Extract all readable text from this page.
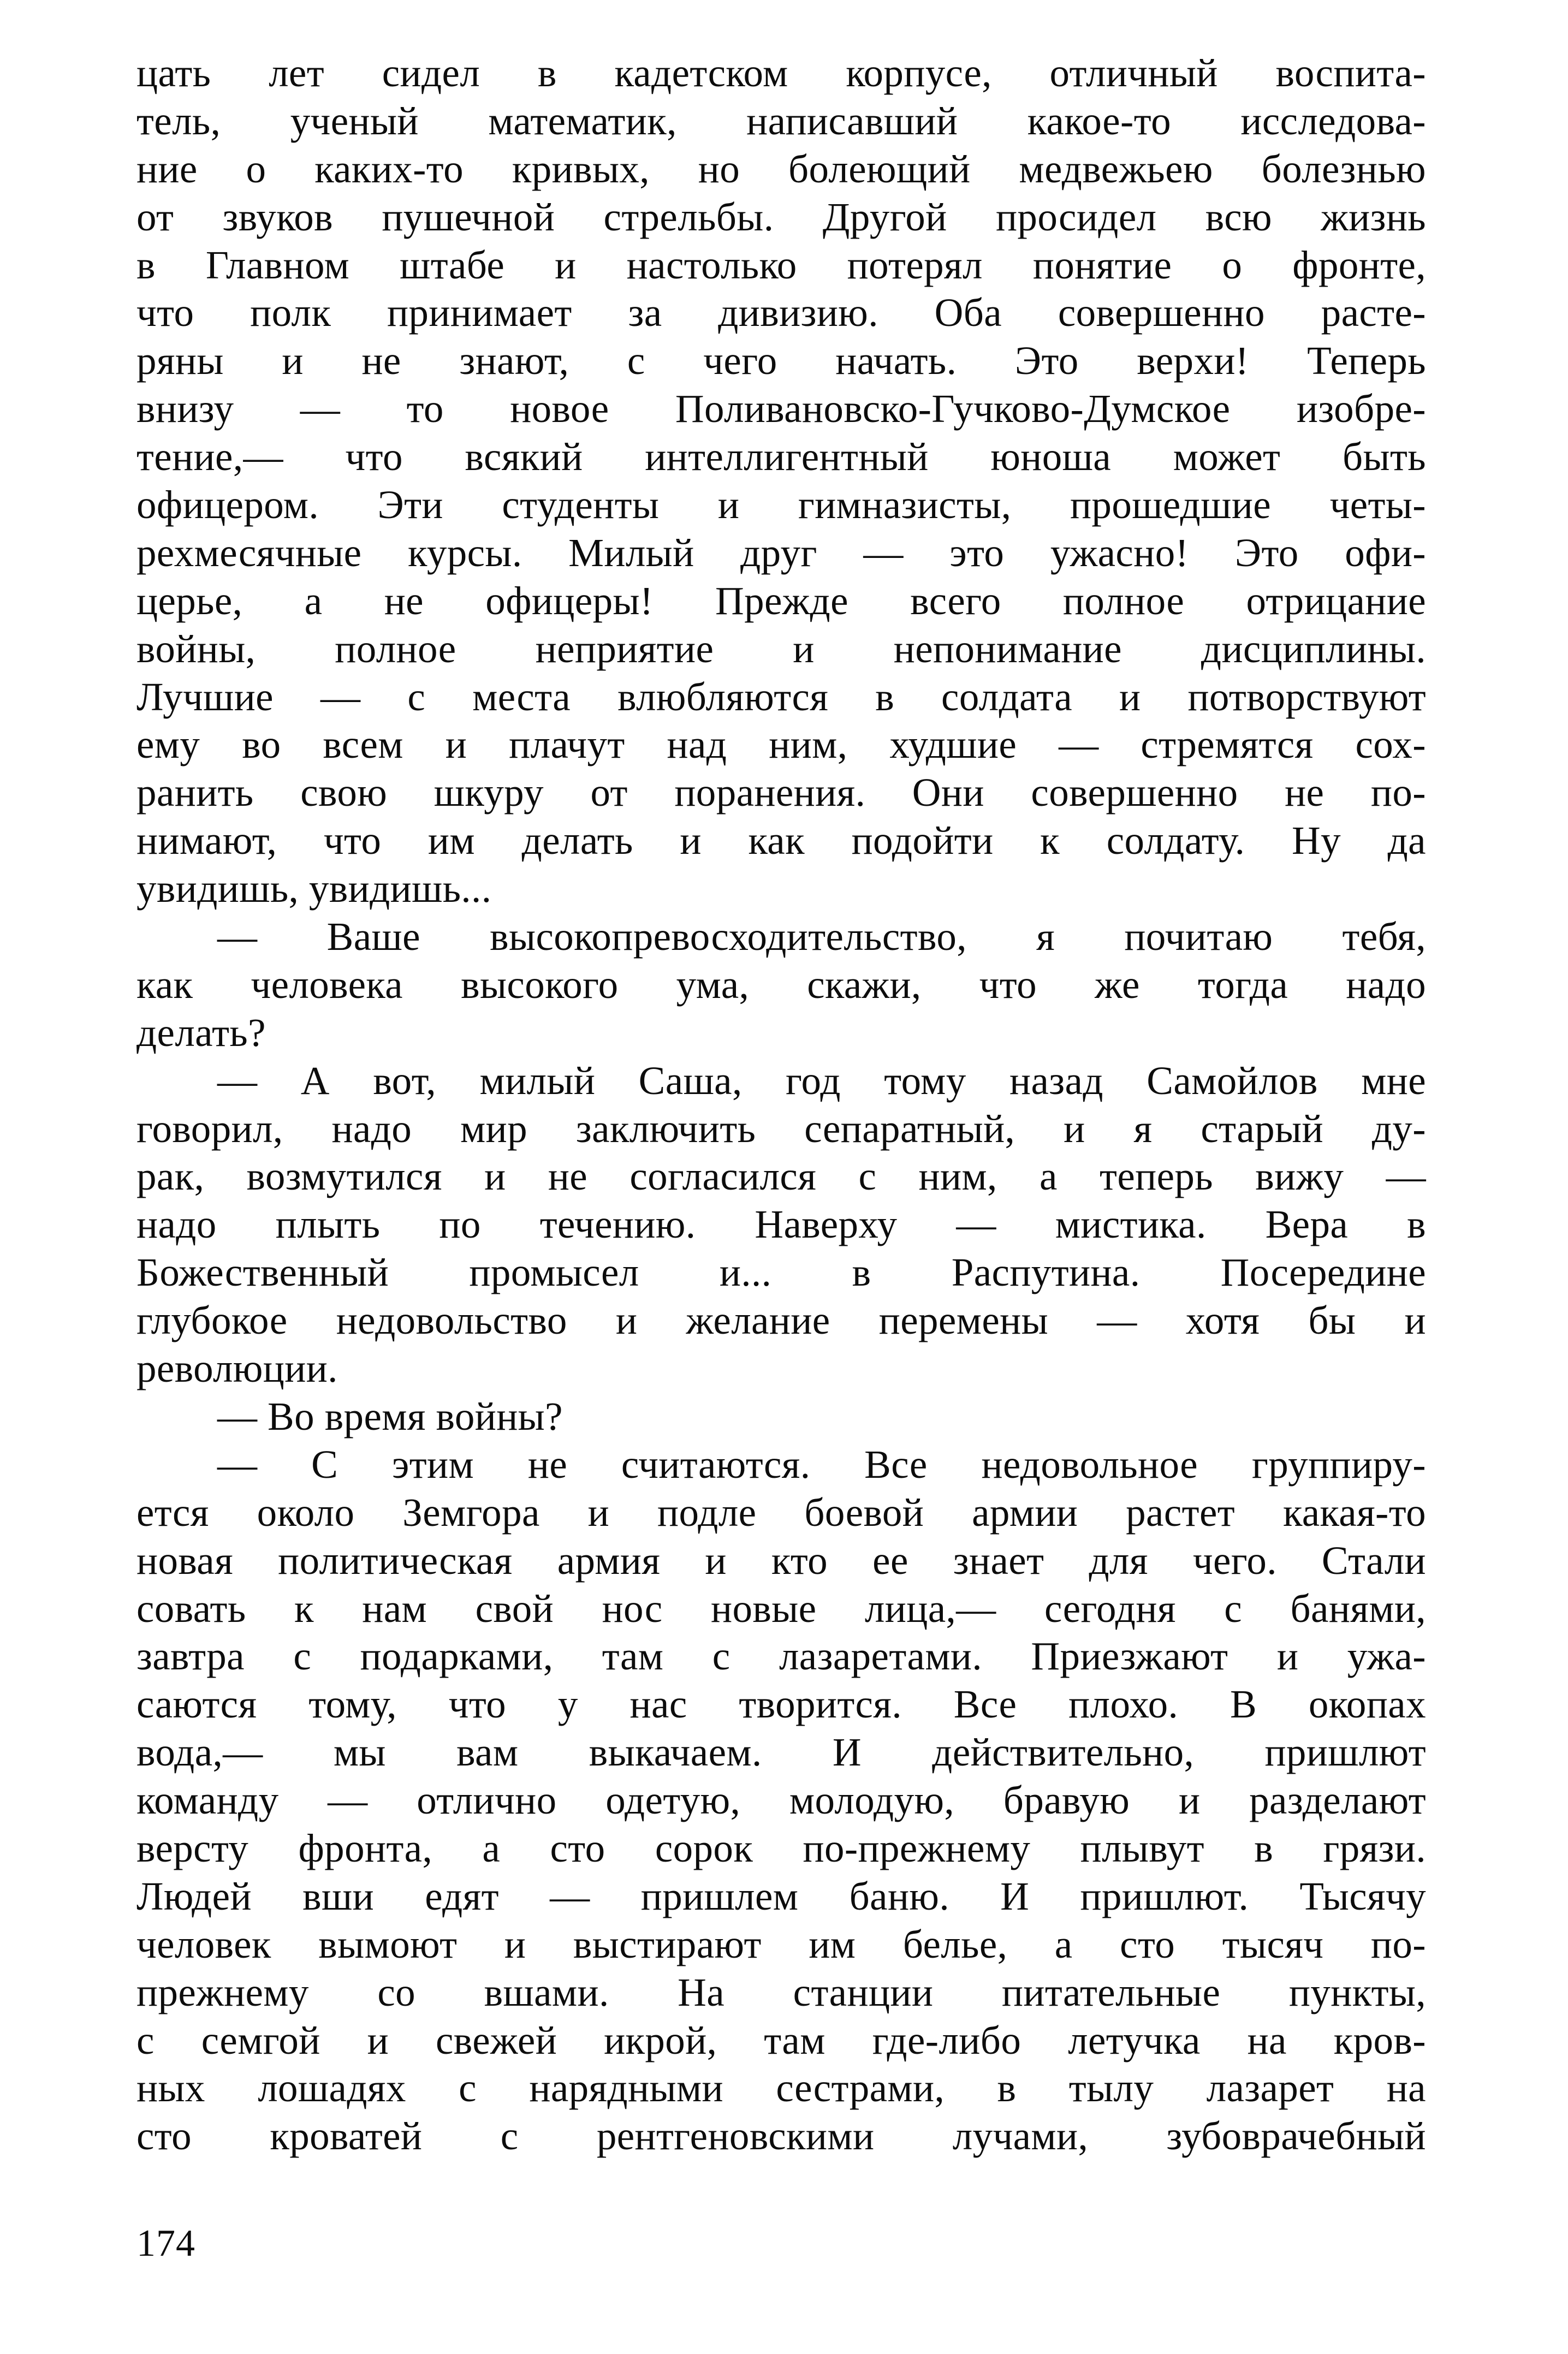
цать лет сидел в кадетском корпусе, отличный воспита-
тель, ученый математик, написавший какое-то исследова-
ние о каких-то кривых, но болеющий медвежьею болезнью
от звуков пушечной стрельбы. Другой просидел всю жизнь
в Главном штабе и настолько потерял понятие о фронте,
что полк принимает за дивизию. Оба совершенно расте-
ряны и не знают, с чего начать. Это верхи! Теперь
внизу — то новое Поливановско-Гучково-Думское изобре-
тение,— что всякий интеллигентный юноша может быть
офицером. Эти студенты и гимназисты, прошедшие четы-
рехмесячные курсы. Милый друг — это ужасно! Это офи-
церье, а не офицеры! Прежде всего полное отрицание
войны, полное неприятие и непонимание дисциплины.
Лучшие — с места влюбляются в солдата и потворствуют
ему во всем и плачут над ним, худшие — стремятся сох-
ранить свою шкуру от поранения. Они совершенно не по-
нимают, что им делать и как подойти к солдату. Ну да
увидишь, увидишь...
— Ваше высокопревосходительство, я почитаю тебя,
как человека высокого ума, скажи, что же тогда надо
делать?
— А вот, милый Саша, год тому назад Самойлов мне
говорил, надо мир заключить сепаратный, и я старый ду-
рак, возмутился и не согласился с ним, а теперь вижу —
надо плыть по течению. Наверху — мистика. Вера в
Божественный промысел и... в Распутина. Посередине
глубокое недовольство и желание перемены — хотя бы и
революции.
— Во время войны?
— С этим не считаются. Все недовольное группиру-
ется около Земгора и подле боевой армии растет какая-то
новая политическая армия и кто ее знает для чего. Стали
совать к нам свой нос новые лица,— сегодня с банями,
завтра с подарками, там с лазаретами. Приезжают и ужа-
саются тому, что у нас творится. Все плохо. В окопах
вода,— мы вам выкачаем. И действительно, пришлют
команду — отлично одетую, молодую, бравую и разделают
версту фронта, а сто сорок по-прежнему плывут в грязи.
Людей вши едят — пришлем баню. И пришлют. Тысячу
человек вымоют и выстирают им белье, а сто тысяч по-
прежнему со вшами. На станции питательные пункты,
с семгой и свежей икрой, там где-либо летучка на кров-
ных лошадях с нарядными сестрами, в тылу лазарет на
сто кроватей с рентгеновскими лучами, зубоврачебный
174
